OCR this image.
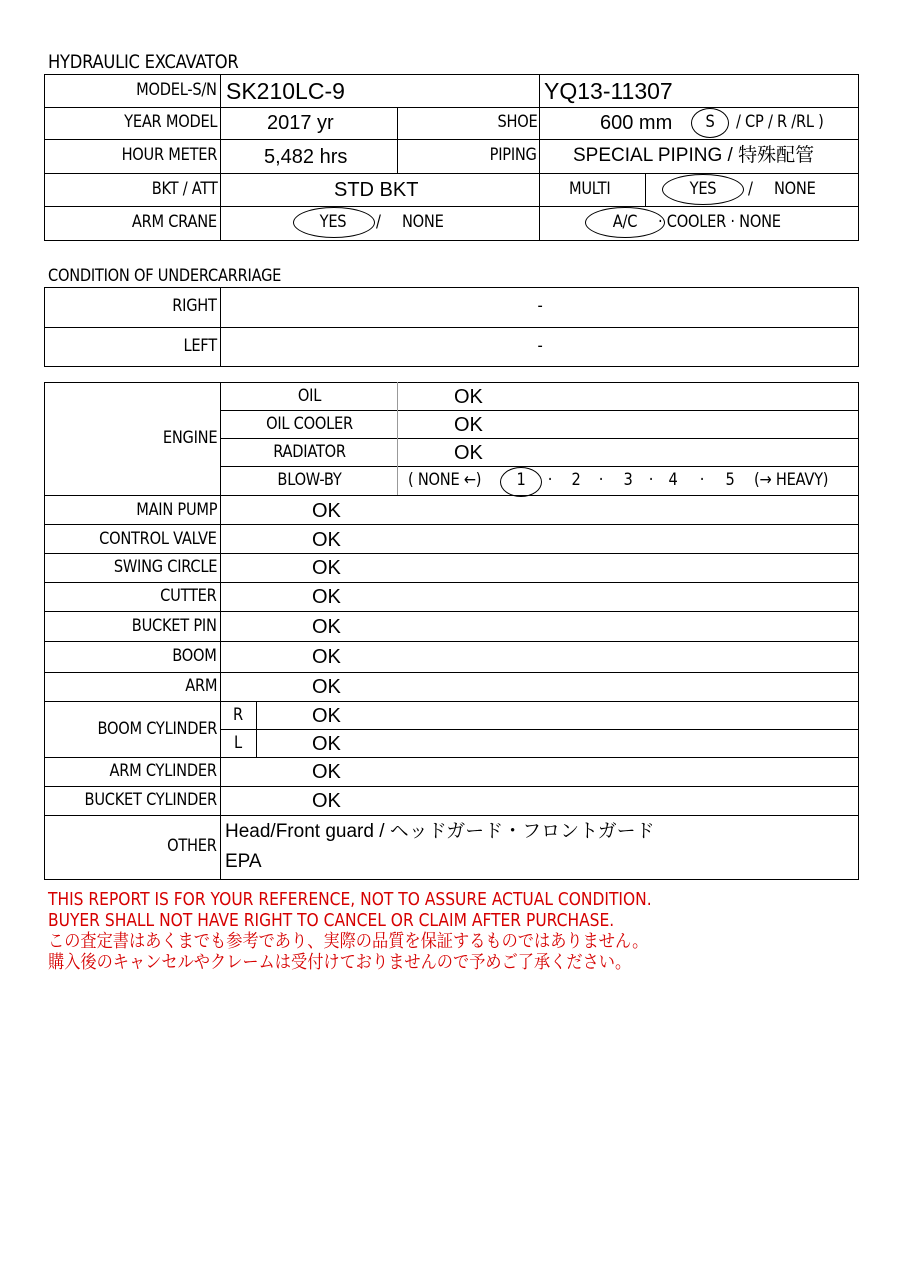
HYDRAULIC EXCAVATOR
MODEL-S/N SK210LC-9	YQ13-11307
YEAR MODEL	2017 yr	SHOE	600 mm S / CP / R /RL )
HOUR METER 5,482 hrs	PIPING SPECIAL PIPING / 特殊配管
BKT / ATT	STD BKT	MULTI	YES / NONE
ARM CRANE	YES / NONE	A/C	· COOLER · NONE
CONDITION OF UNDERCARRIAGE
RIGHT	-
LEFT	-
ENGINE
OIL	OK
OIL COOLER	OK
RADIATOR	OK
BLOW-BY	( NONE ←) 1	·	2	·	3 · 4	·	5 (→ HEAVY)
MAIN PUMP	OK
CONTROL VALVE	OK
SWING CIRCLE	OK
CUTTER	OK
BUCKET PIN	OK
BOOM	OK
ARM	OK
BOOM CYLINDER
R	OK
L	OK
ARM CYLINDER	OK
BUCKET CYLINDER	OK
OTHER
Head/Front guard / ヘッドガード・フロントガード
EPA
THIS REPORT IS FOR YOUR REFERENCE, NOT TO ASSURE ACTUAL CONDITION.
BUYER SHALL NOT HAVE RIGHT TO CANCEL OR CLAIM AFTER PURCHASE.
この査定書はあくまでも参考であり、実際の品質を保証するものではありません。
購入後のキャンセルやクレームは受付けておりませんので予めご了承ください。
